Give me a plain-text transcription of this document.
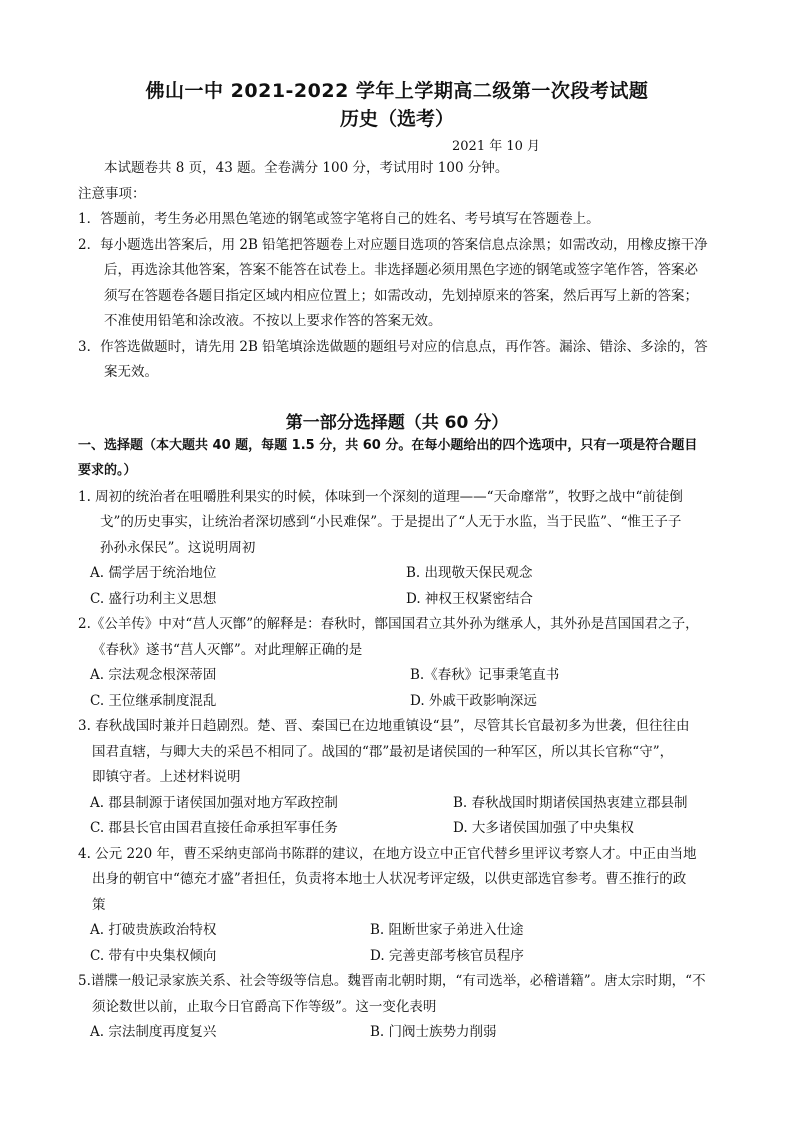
佛山一中 2021-2022 学年上学期高二级第一次段考试题
历史（选考）
2021 年 10 月
本试题卷共 8 页，43 题。全卷满分 100 分，考试用时 100 分钟。
注意事项：
1．答题前，考生务必用黑色笔迹的钢笔或签字笔将自己的姓名、考号填写在答题卷上。
2．每小题选出答案后，用 2B 铅笔把答题卷上对应题目选项的答案信息点涂黑；如需改动，用橡皮擦干净
后，再选涂其他答案，答案不能答在试卷上。非选择题必须用黑色字迹的钢笔或签字笔作答，答案必
须写在答题卷各题目指定区域内相应位置上；如需改动，先划掉原来的答案，然后再写上新的答案；
不准使用铅笔和涂改液。不按以上要求作答的答案无效。
3．作答选做题时，请先用 2B 铅笔填涂选做题的题组号对应的信息点，再作答。漏涂、错涂、多涂的，答
案无效。
第一部分选择题（共 60 分）
一、选择题（本大题共 40 题，每题 1.5 分，共 60 分。在每小题给出的四个选项中，只有一项是符合题目
要求的。）
1. 周初的统治者在咀嚼胜利果实的时候，体味到一个深刻的道理——“天命靡常”，牧野之战中“前徒倒
戈”的历史事实，让统治者深切感到“小民难保”。于是提出了“人无于水监，当于民监”、“惟王子子
孙孙永保民”。这说明周初
A. 儒学居于统治地位	B. 出现敬天保民观念
C. 盛行功利主义思想	D. 神权王权紧密结合
2.《公羊传》中对“莒人灭鄫”的解释是：春秋时，鄫国国君立其外孙为继承人，其外孙是莒国国君之子，
《春秋》遂书“莒人灭鄫”。对此理解正确的是
A. 宗法观念根深蒂固	B.《春秋》记事秉笔直书
C. 王位继承制度混乱	D. 外戚干政影响深远
3. 春秋战国时兼并日趋剧烈。楚、晋、秦国已在边地重镇设“县”，尽管其长官最初多为世袭，但往往由
国君直辖，与卿大夫的采邑不相同了。战国的“郡”最初是诸侯国的一种军区，所以其长官称“守”，
即镇守者。上述材料说明
A. 郡县制源于诸侯国加强对地方军政控制	B. 春秋战国时期诸侯国热衷建立郡县制
C. 郡县长官由国君直接任命承担军事任务	D. 大多诸侯国加强了中央集权
4. 公元 220 年，曹丕采纳吏部尚书陈群的建议，在地方设立中正官代替乡里评议考察人才。中正由当地
出身的朝官中“德充才盛”者担任，负责将本地士人状况考评定级，以供吏部选官参考。曹丕推行的政
策
A. 打破贵族政治特权	B. 阻断世家子弟进入仕途
C. 带有中央集权倾向	D. 完善吏部考核官员程序
5.谱牒一般记录家族关系、社会等级等信息。魏晋南北朝时期，“有司选举，必稽谱籍”。唐太宗时期，“不
须论数世以前，止取今日官爵高下作等级”。这一变化表明
A. 宗法制度再度复兴	B. 门阀士族势力削弱
